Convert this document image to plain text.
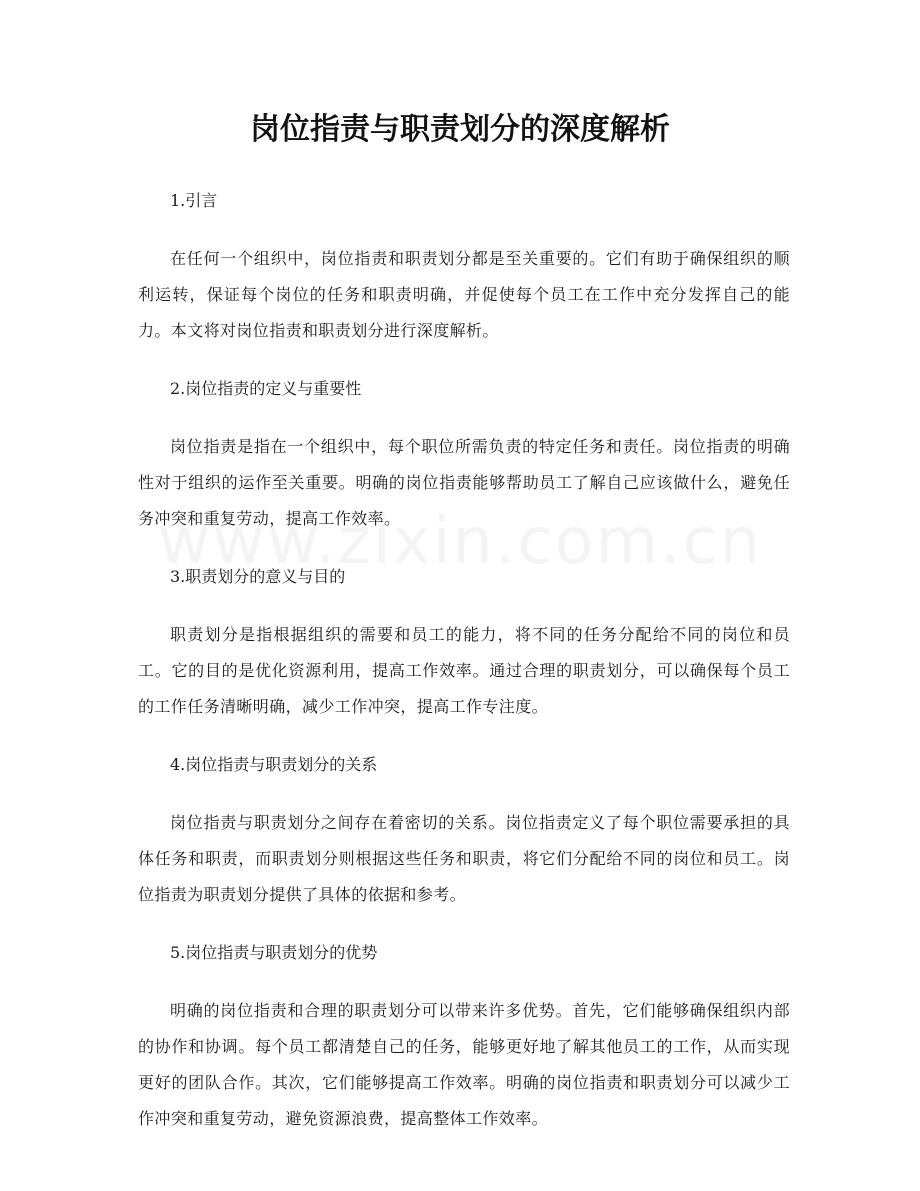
岗位指责与职责划分的深度解析

1.引言

在任何一个组织中，岗位指责和职责划分都是至关重要的。它们有助于确保组织的顺利运转，保证每个岗位的任务和职责明确，并促使每个员工在工作中充分发挥自己的能力。本文将对岗位指责和职责划分进行深度解析。

2.岗位指责的定义与重要性

岗位指责是指在一个组织中，每个职位所需负责的特定任务和责任。岗位指责的明确性对于组织的运作至关重要。明确的岗位指责能够帮助员工了解自己应该做什么，避免任务冲突和重复劳动，提高工作效率。

3.职责划分的意义与目的

职责划分是指根据组织的需要和员工的能力，将不同的任务分配给不同的岗位和员工。它的目的是优化资源利用，提高工作效率。通过合理的职责划分，可以确保每个员工的工作任务清晰明确，减少工作冲突，提高工作专注度。

4.岗位指责与职责划分的关系

岗位指责与职责划分之间存在着密切的关系。岗位指责定义了每个职位需要承担的具体任务和职责，而职责划分则根据这些任务和职责，将它们分配给不同的岗位和员工。岗位指责为职责划分提供了具体的依据和参考。

5.岗位指责与职责划分的优势

明确的岗位指责和合理的职责划分可以带来许多优势。首先，它们能够确保组织内部的协作和协调。每个员工都清楚自己的任务，能够更好地了解其他员工的工作，从而实现更好的团队合作。其次，它们能够提高工作效率。明确的岗位指责和职责划分可以减少工作冲突和重复劳动，避免资源浪费，提高整体工作效率。
